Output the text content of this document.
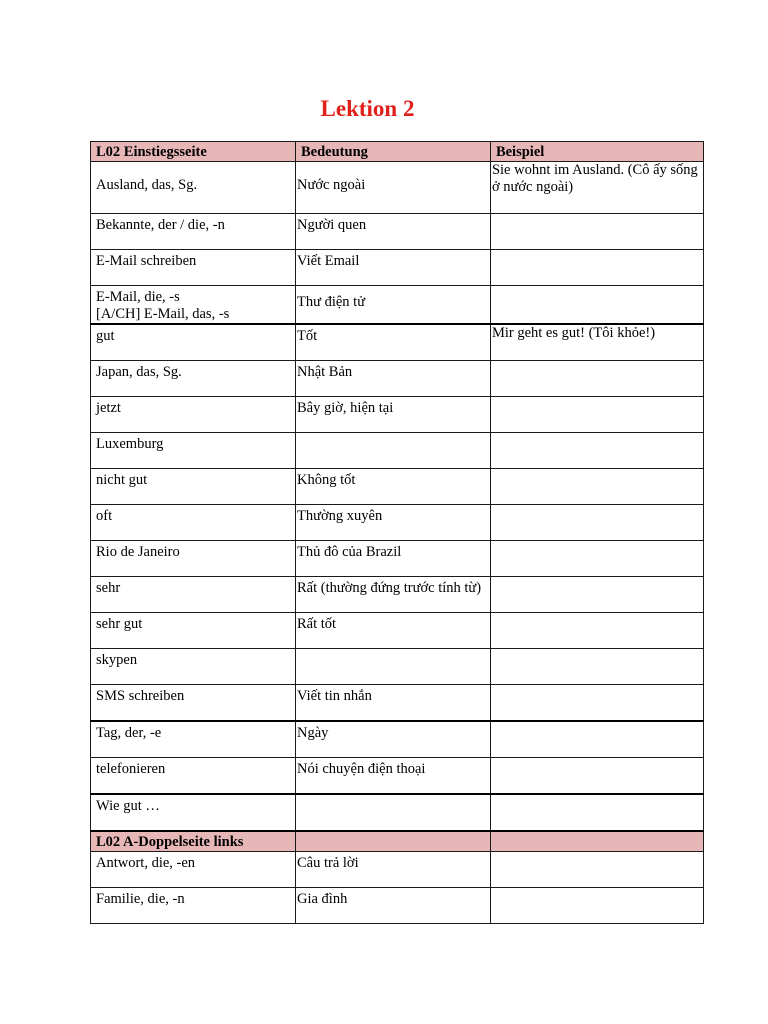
Lektion 2
L02 Einstiegsseite	Bedeutung	Beispiel

Ausland, das, Sg.	Nước ngoài	Sie wohnt im Ausland. (Cô ấy sống ở nước ngoài)

Bekannte, der / die, -n	Người quen	

E-Mail schreiben	Viết Email	

E-Mail, die, -s
[A/CH] E-Mail, das, -s	Thư điện tử	

gut	Tốt	Mir geht es gut! (Tôi khỏe!)

Japan, das, Sg.	Nhật Bản	

jetzt	Bây giờ, hiện tại	

Luxemburg		

nicht gut	Không tốt	

oft	Thường xuyên	

Rio de Janeiro	Thủ đô của Brazil	

sehr	Rất (thường đứng trước tính từ)	

sehr gut	Rất tốt	

skypen		

SMS schreiben	Viết tin nhắn	

Tag, der, -e	Ngày	

telefonieren	Nói chuyện điện thoại	

Wie gut …		

L02 A-Doppelseite links		

Antwort, die, -en	Câu trả lời	

Familie, die, -n	Gia đình	
